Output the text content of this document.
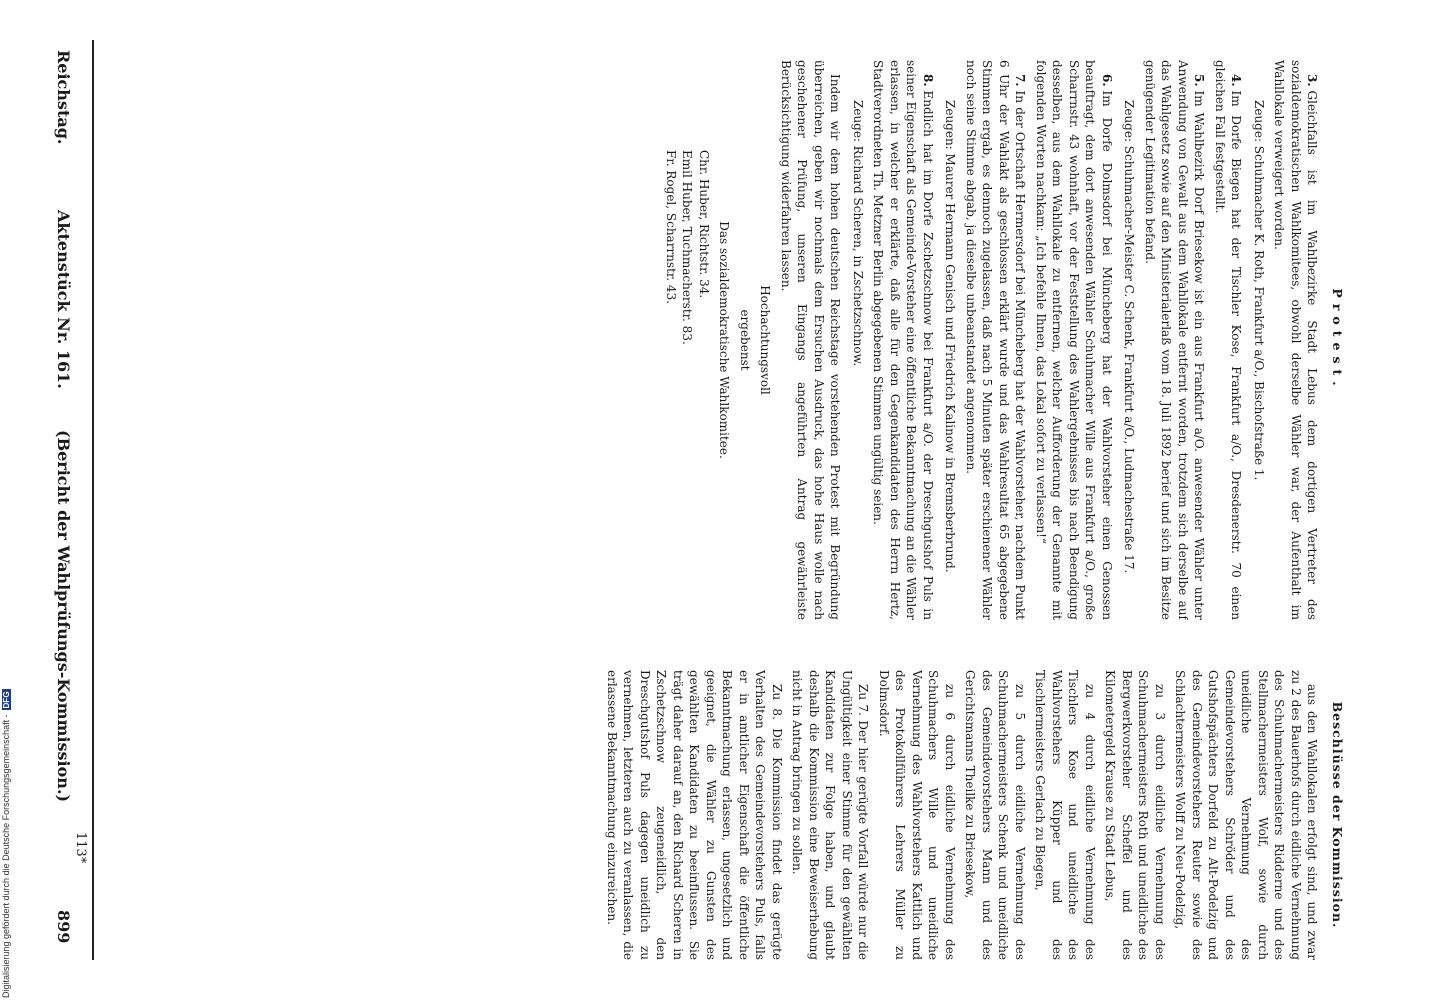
Reichstag.
Aktenstück Nr. 161.
(Bericht der Wahlprüfungs-Kommission.)
899
Protest.

3.Gleichfalls ist im Wahlbezirke Stadt Lebus dem dortigen Vertreter des sozialdemokratischen Wahlkomitees, obwohl derselbe Wähler war, der Aufenthalt im Wahllokale verweigert worden.

Zeuge: Schuhmacher K. Roth, Frankfurt a/O., Bischofstraße 1.

4.Im Dorfe Biegen hat der Tischler Kose, Frankfurt a/O., Dresdenerstr. 70 einen gleichen Fall festgestellt.

5.Im Wahlbezirk Dorf Briesekow ist ein aus Frankfurt a/O. anwesender Wähler unter Anwendung von Gewalt aus dem Wahllokale entfernt worden, trotzdem sich derselbe auf das Wahlgesetz sowie auf den Ministerialerlaß vom 18. Juli 1892 berief und sich im Besitze genügender Legitimation befand.

Zeuge: Schuhmacher-Meister C. Schenk, Frankfurt a/O., Ludmachestraße 17.

6.Im Dorfe Dolmsdorf bei Müncheberg hat der Wahlvorsteher einen Genossen beauftragt, dem dort anwesenden Wähler Schuhmacher Wille aus Frankfurt a/O., große Scharrnstr. 43 wohnhaft, vor der Feststellung des Wahlergebnisses bis nach Beendigung desselben, aus dem Wahllokale zu entfernen, welcher Aufforderung der Genannte mit folgenden Worten nachkam: „Ich befehle Ihnen, das Lokal sofort zu verlassen!“

7.In der Ortschaft Hermersdorf bei Müncheberg hat der Wahlvorsteher, nachdem Punkt 6 Uhr der Wahlakt als geschlossen erklärt wurde und das Wahlresultat 65 abgegebene Stimmen ergab, es dennoch zugelassen, daß nach 5 Minuten später erschienener Wähler noch seine Stimme abgab, ja dieselbe unbeanstandet angenommen.

Zeugen: Maurer Hermann Genisch und Friedrich Kalinow in Bremsberbrund.

8.Endlich hat im Dorfe Zschetzschnow bei Frankfurt a/O. der Dreschgutshof Puls in seiner Eigenschaft als Gemeinde-Vorsteher eine öffentliche Bekanntmachung an die Wähler erlassen, in welcher er erklärte, daß alle für den Gegenkandidaten des Herrn Hertz, Stadtverordneten Th. Metzner Berlin abgegebenen Stimmen ungültig seien.

Zeuge: Richard Scheren, in Zschetzschnow.

Indem wir dem hohen deutschen Reichstage vorstehenden Protest mit Begründung überreichen, geben wir nochmals dem Ersuchen Ausdruck, das hohe Haus wolle nach geschehener Prüfung, unseren Eingangs angeführten Antrag gewährleiste Berücksichtigung widerfahren lassen.

Hochachtungsvoll

ergebenst

Das sozialdemokratische Wahlkomitee.

Chr. Huber, Richtstr. 34.

Emil Huber, Tuchmacherstr. 83.

Fr. Rogel, Scharrnstr. 43.

Beschlüsse der Kommission.

aus den Wahllokalen erfolgt sind, und zwar zu 2 des Bauerhofs durch eidliche Vernehmung des Schuhmachermeisters Ridderne und des Stellmachermeisters Wolf, sowie durch uneidliche Vernehmung des Gemeindevorstehers Schröder und des Gutshofspächters Dorfeld zu Alt-Podelzig und des Gemeindevorstehers Reuter sowie des Schlachtermeisters Wolff zu Neu-Podelzig,

zu 3 durch eidliche Vernehmung des Schuhmachermeisters Roth und uneidliche des Bergwerkvorsteher Scheffel und des Kilometergeld Krause zu Stadt Lebus,

zu 4 durch eidliche Vernehmung des Tischlers Kose und uneidliche des Wahlvorstehers Küpper und des Tischlermeisters Gerlach zu Biegen,

zu 5 durch eidliche Vernehmung des Schuhmachermeisters Schenk und uneidliche des Gemeindevorstehers Mann und des Gerichtsmanns Theilke zu Briesekow,

zu 6 durch eidliche Vernehmung des Schuhmachers Wille und uneidliche Vernehmung des Wahlvorstehers Kattlich und des Protokollführers Lehrers Müller zu Dolmsdorf.

Zu 7. Der hier gerügte Vorfall würde nur die Ungültigkeit einer Stimme für den gewählten Kandidaten zur Folge haben, und glaubt deshalb die Kommission eine Beweiserhebung nicht in Antrag bringen zu sollen.

Zu 8. Die Kommission findet das gerügte Verhalten des Gemeindevorstehers Puls, falls er in amtlicher Eigenschaft die öffentliche Bekanntmachung erlassen, ungesetzlich und geeignet, die Wähler zu Gunsten des gewählten Kandidaten zu beeinflussen. Sie trägt daher darauf an, den Richard Scheren in Zschetzschnow zeugeneidlich, den Dreschgutshof Puls dagegen uneidlich zu vernehmen, letzteren auch zu veranlassen, die erlassene Bekanntmachung einzureichen.

Digitalisierung gefördert durch die Deutsche Forschungsgemeinschaft -DFG
113*
